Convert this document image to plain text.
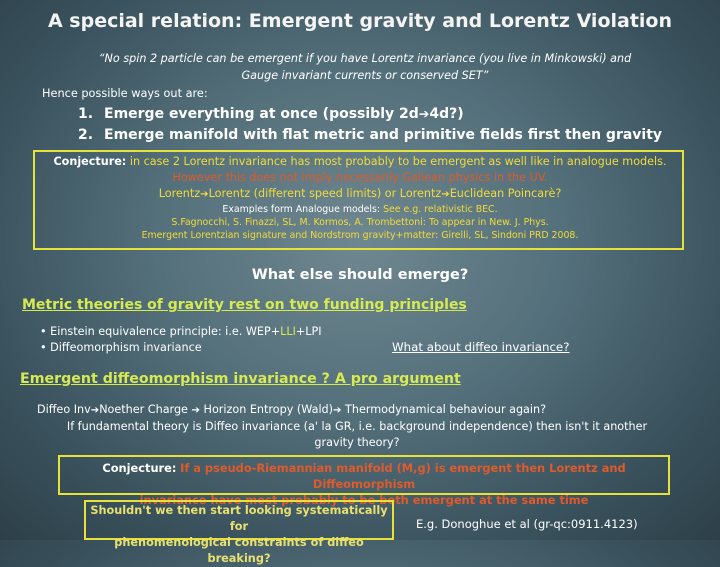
A special relation: Emergent gravity and Lorentz Violation
“No spin 2 particle can be emergent if you have Lorentz invariance (you live in Minkowski) and
Gauge invariant currents or conserved SET”
Hence possible ways out are:
1. Emerge everything at once (possibly 2d➔4d?)
2. Emerge manifold with flat metric and primitive fields first then gravity
Conjecture: in case 2 Lorentz invariance has most probably to be emergent as well like in analogue models.
However this does not imply necessarily Galiean physics in the UV.
Lorentz➔Lorentz (different speed limits) or Lorentz➔Euclidean Poincarè?
Examples form Analogue models: See e.g. relativistic BEC.
S.Fagnocchi, S. Finazzi, SL, M. Kormos, A. Trombettoni: To appear in New. J. Phys.
Emergent Lorentzian signature and Nordstrom gravity+matter: Girelli, SL, Sindoni PRD 2008.
What else should emerge?
Metric theories of gravity rest on two funding principles
• Einstein equivalence principle: i.e. WEP+LLI+LPI
• Diffeomorphism invariance	What about diffeo invariance?
Emergent diffeomorphism invariance ? A pro argument
Diffeo Inv➔Noether Charge ➔ Horizon Entropy (Wald)➔ Thermodynamical behaviour again?
If fundamental theory is Diffeo invariance (a' la GR, i.e. background independence) then isn't it another
gravity theory?
Conjecture: If a pseudo-Riemannian manifold (M,g) is emergent then Lorentz and Diffeomorphism
invariance have most probably to be both emergent at the same time
Shouldn't we then start looking systematically for
phenomenological constraints of diffeo breaking?
E.g. Donoghue et al (gr-qc:0911.4123)
